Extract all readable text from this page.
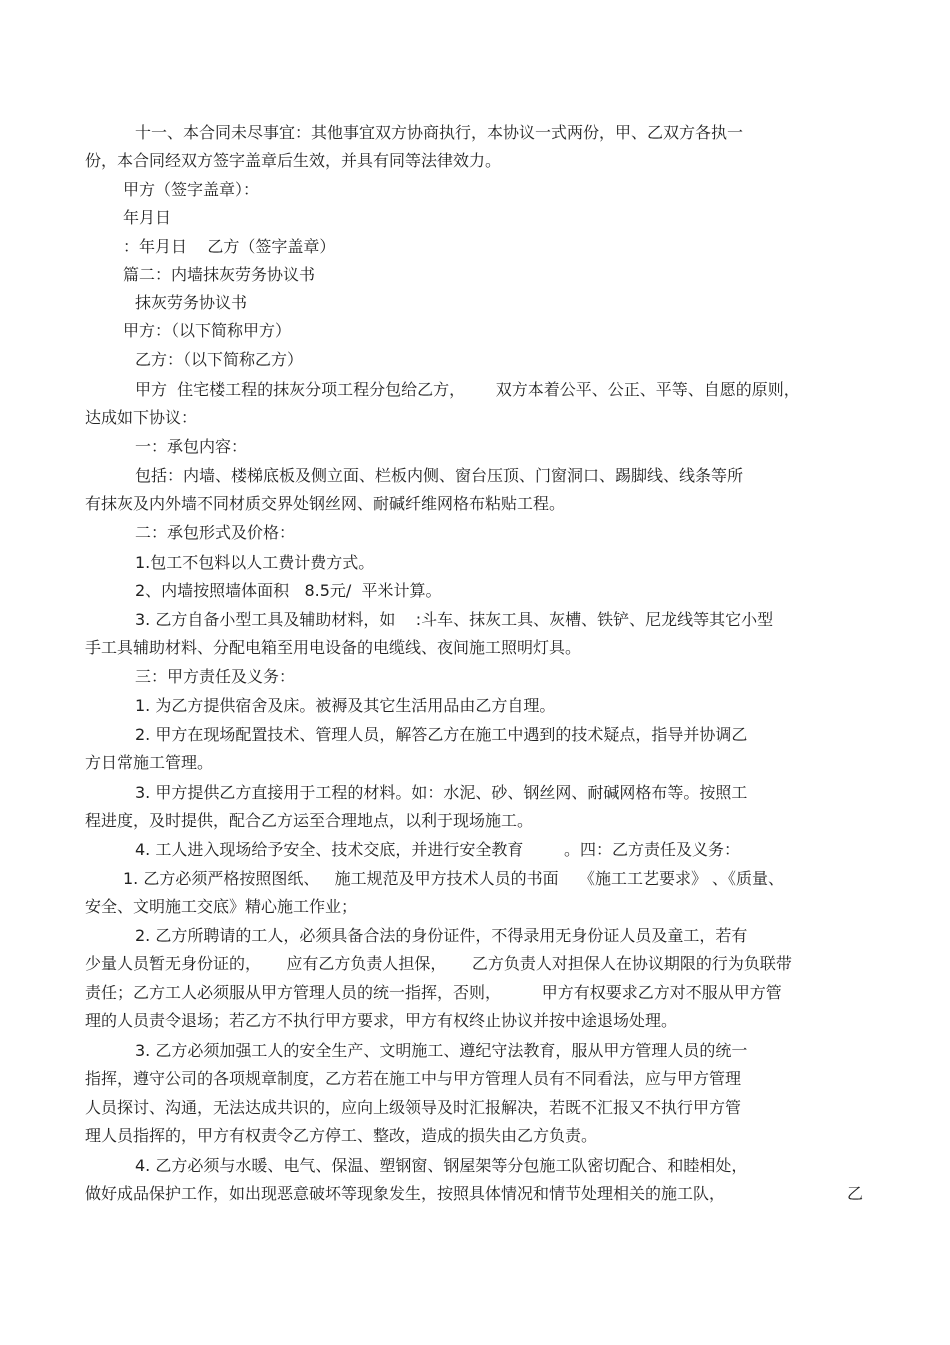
十一、本合同未尽事宜：其他事宜双方协商执行，本协议一式两份，甲、乙双方各执一
份，本合同经双方签字盖章后生效，并具有同等法律效力。
甲方（签字盖章）：
年月日
：年月日    乙方（签字盖章）
篇二：内墙抹灰劳务协议书
抹灰劳务协议书
甲方：（以下简称甲方）
乙方：（以下简称乙方）
甲方  住宅楼工程的抹灰分项工程分包给乙方，      双方本着公平、公正、平等、自愿的原则，
达成如下协议：
一：承包内容：
包括：内墙、楼梯底板及侧立面、栏板内侧、窗台压顶、门窗洞口、踢脚线、线条等所
有抹灰及内外墙不同材质交界处钢丝网、耐碱纤维网格布粘贴工程。
二：承包形式及价格：
1.包工不包料以人工费计费方式。
2、内墙按照墙体面积   8.5元/  平米计算。
3. 乙方自备小型工具及辅助材料，如    :斗车、抹灰工具、灰槽、铁铲、尼龙线等其它小型
手工具辅助材料、分配电箱至用电设备的电缆线、夜间施工照明灯具。
三：甲方责任及义务：
1. 为乙方提供宿舍及床。被褥及其它生活用品由乙方自理。
2. 甲方在现场配置技术、管理人员，解答乙方在施工中遇到的技术疑点，指导并协调乙
方日常施工管理。
3. 甲方提供乙方直接用于工程的材料。如：水泥、砂、钢丝网、耐碱网格布等。按照工
程进度，及时提供，配合乙方运至合理地点，以利于现场施工。
4. 工人进入现场给予安全、技术交底，并进行安全教育        。四：乙方责任及义务：
1. 乙方必须严格按照图纸、   施工规范及甲方技术人员的书面    《施工工艺要求》 、《质量、
安全、文明施工交底》精心施工作业；
2. 乙方所聘请的工人，必须具备合法的身份证件，不得录用无身份证人员及童工，若有
少量人员暂无身份证的，     应有乙方负责人担保，     乙方负责人对担保人在协议期限的行为负联带
责任；乙方工人必须服从甲方管理人员的统一指挥，否则，        甲方有权要求乙方对不服从甲方管
理的人员责令退场；若乙方不执行甲方要求，甲方有权终止协议并按中途退场处理。
3. 乙方必须加强工人的安全生产、文明施工、遵纪守法教育，服从甲方管理人员的统一
指挥，遵守公司的各项规章制度，乙方若在施工中与甲方管理人员有不同看法，应与甲方管理
人员探讨、沟通，无法达成共识的，应向上级领导及时汇报解决，若既不汇报又不执行甲方管
理人员指挥的，甲方有权责令乙方停工、整改，造成的损失由乙方负责。
4. 乙方必须与水暖、电气、保温、塑钢窗、钢屋架等分包施工队密切配合、和睦相处，
做好成品保护工作，如出现恶意破坏等现象发生，按照具体情况和情节处理相关的施工队，	乙
